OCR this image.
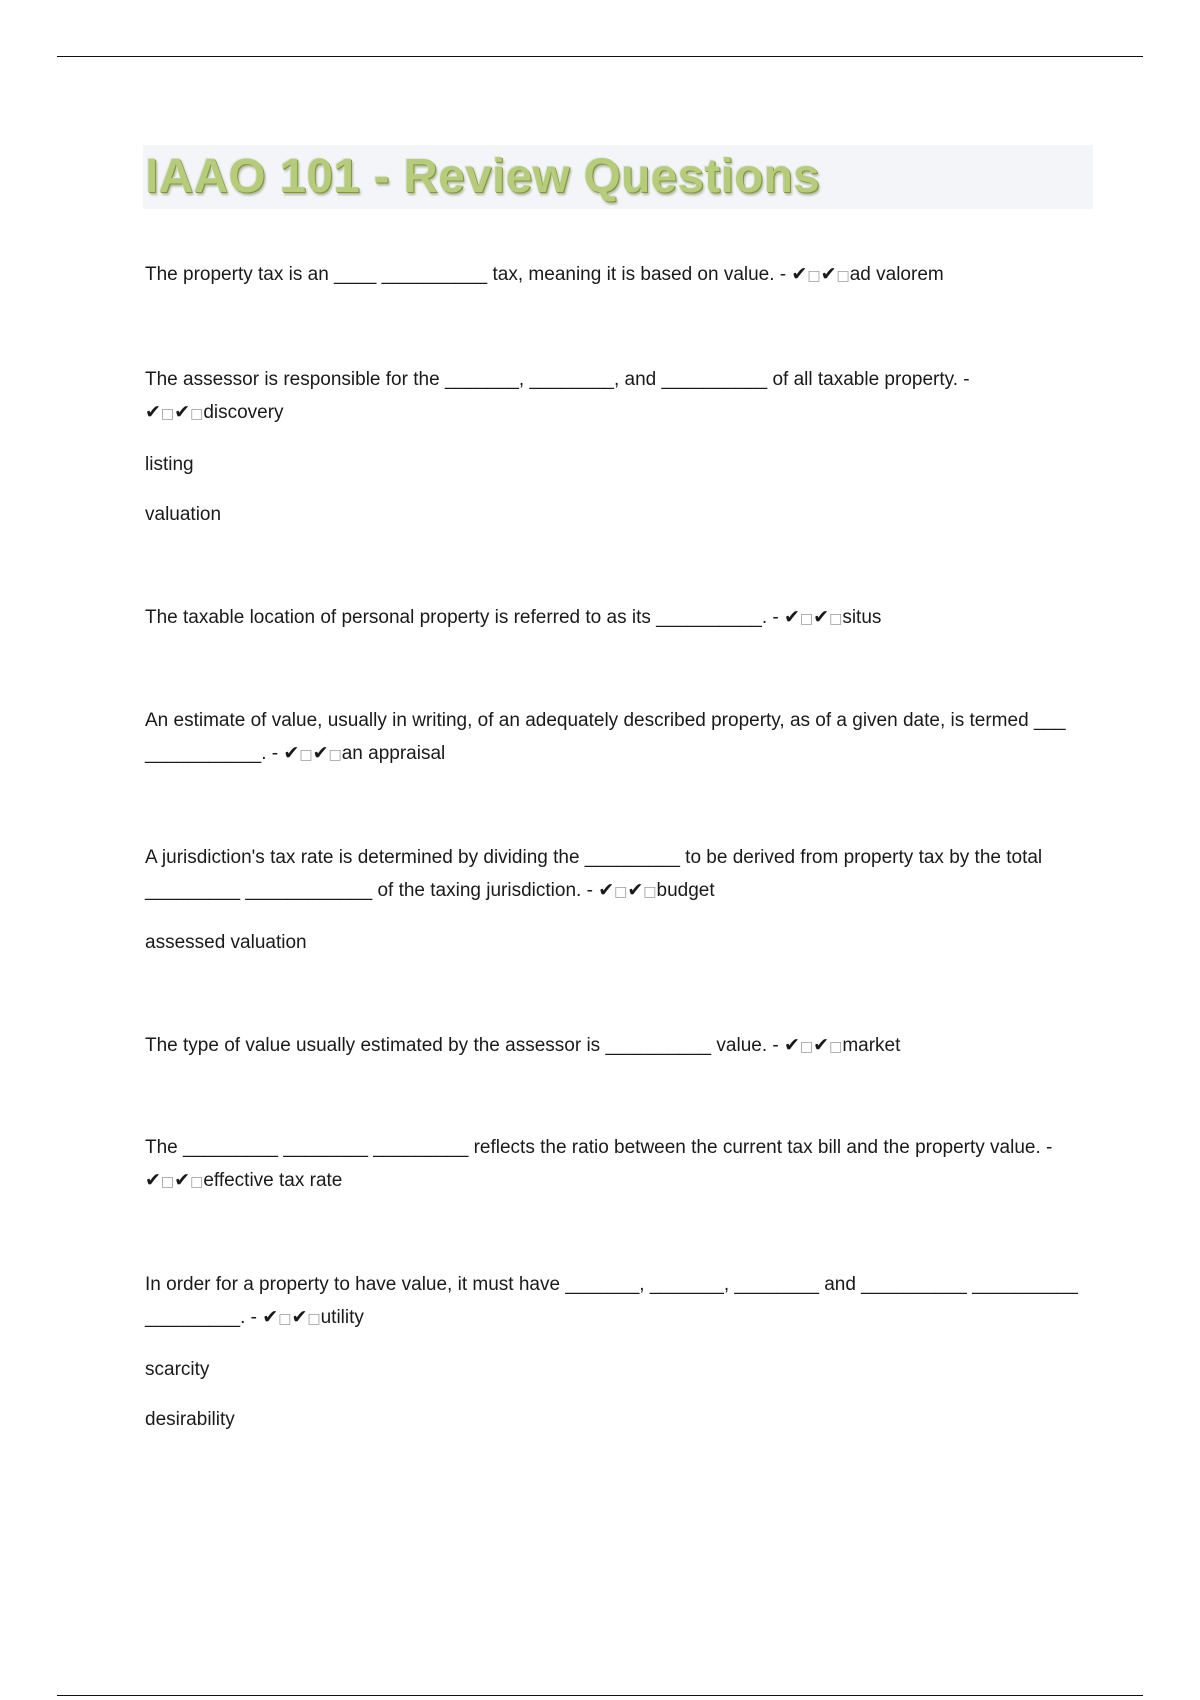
IAAO 101 - Review Questions

The property tax is an ____ __________ tax, meaning it is based on value. - ✔□✔□ad valorem

The assessor is responsible for the _______, ________, and __________ of all taxable property. - ✔□✔□discovery

listing

valuation

The taxable location of personal property is referred to as its __________. - ✔□✔□situs

An estimate of value, usually in writing, of an adequately described property, as of a given date, is termed ___ ___________. - ✔□✔□an appraisal

A jurisdiction's tax rate is determined by dividing the _________ to be derived from property tax by the total _________ ____________ of the taxing jurisdiction. - ✔□✔□budget

assessed valuation

The type of value usually estimated by the assessor is __________ value. - ✔□✔□market

The _________ ________ _________ reflects the ratio between the current tax bill and the property value. - ✔□✔□effective tax rate

In order for a property to have value, it must have _______, _______, ________ and __________ __________ _________. - ✔□✔□utility

scarcity

desirability
